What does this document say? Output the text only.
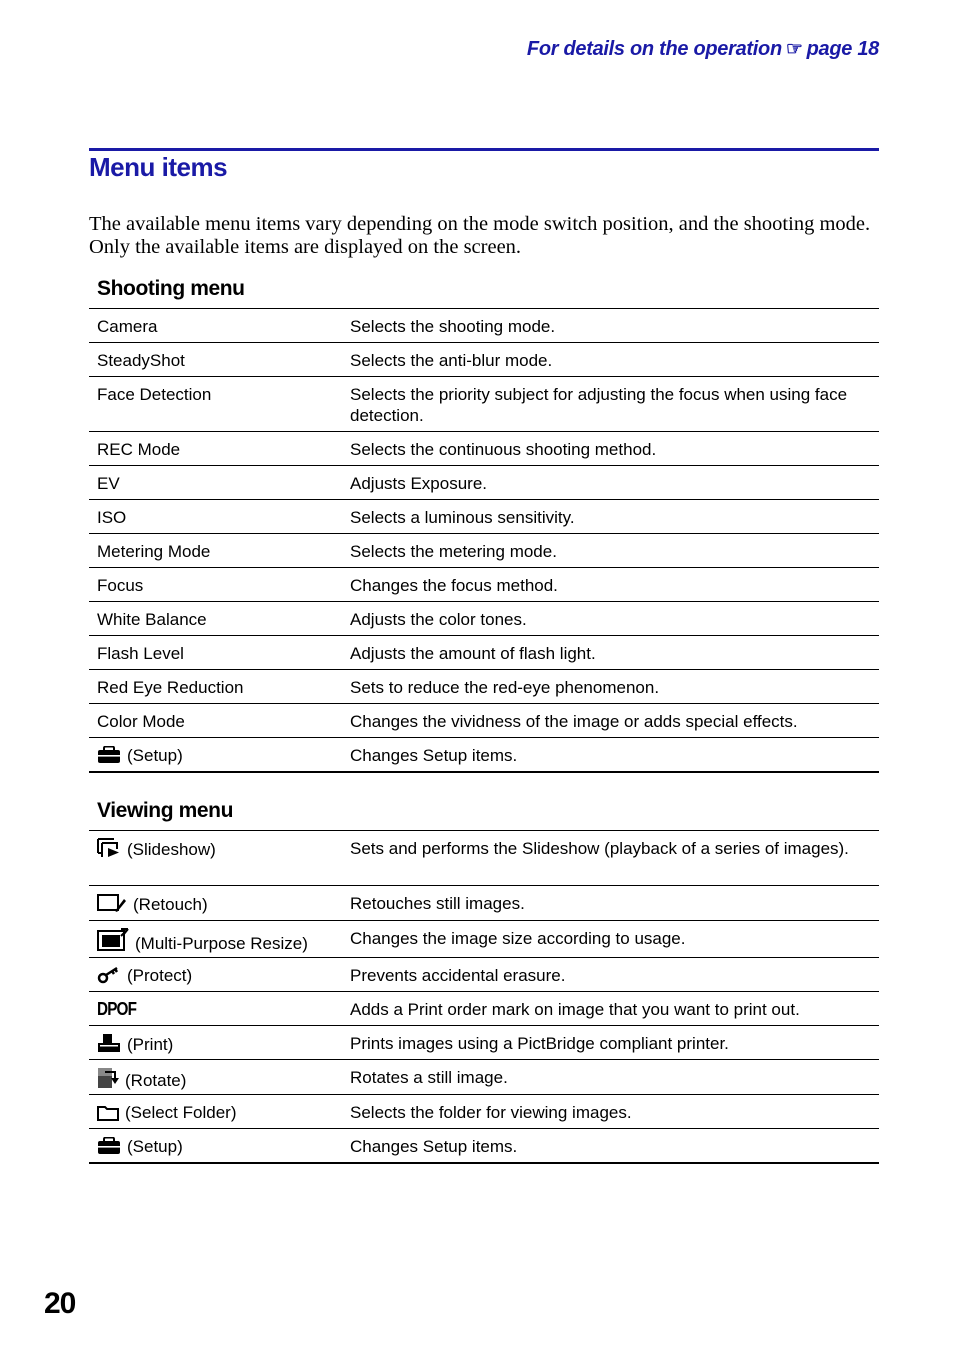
For details on the operation ☞ page 18
Menu items
The available menu items vary depending on the mode switch position, and the shooting mode. Only the available items are displayed on the screen.
Shooting menu
Camera	Selects the shooting mode.
SteadyShot	Selects the anti-blur mode.
Face Detection	Selects the priority subject for adjusting the focus when using face detection.
REC Mode	Selects the continuous shooting method.
EV	Adjusts Exposure.
ISO	Selects a luminous sensitivity.
Metering Mode	Selects the metering mode.
Focus	Changes the focus method.
White Balance	Adjusts the color tones.
Flash Level	Adjusts the amount of flash light.
Red Eye Reduction	Sets to reduce the red-eye phenomenon.
Color Mode	Changes the vividness of the image or adds special effects.
(Setup)	Changes Setup items.
Viewing menu
(Slideshow)	Sets and performs the Slideshow (playback of a series of images).
(Retouch)	Retouches still images.
(Multi-Purpose Resize)	Changes the image size according to usage.
(Protect)	Prevents accidental erasure.
DPOF	Adds a Print order mark on image that you want to print out.
(Print)	Prints images using a PictBridge compliant printer.
(Rotate)	Rotates a still image.
(Select Folder)	Selects the folder for viewing images.
(Setup)	Changes Setup items.
20
